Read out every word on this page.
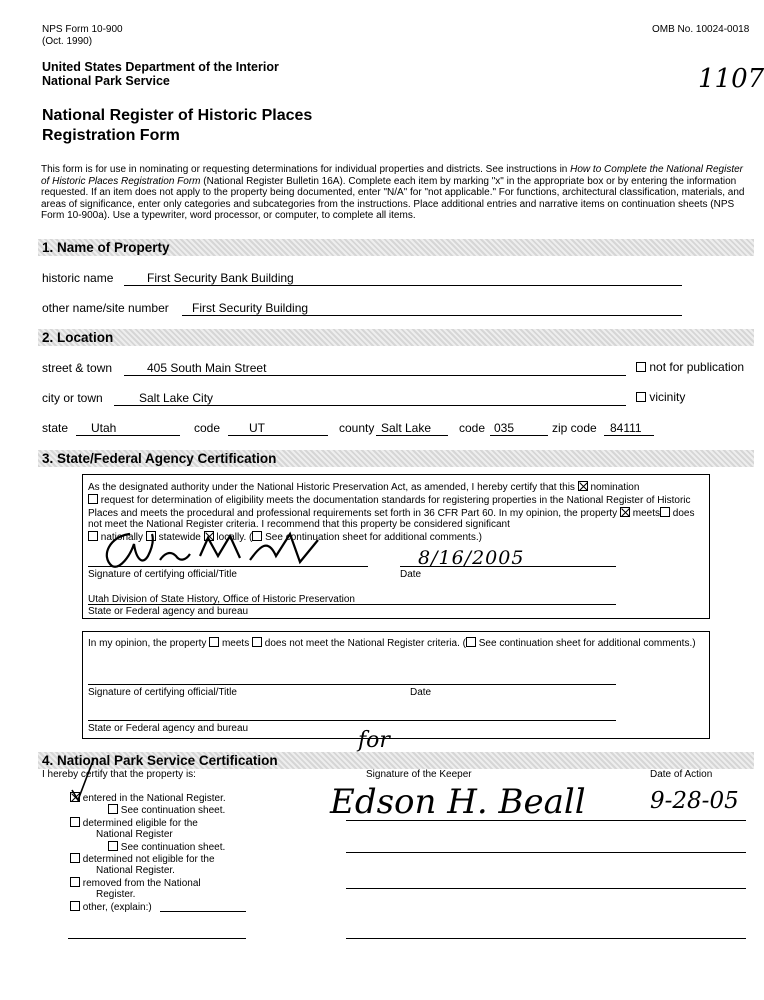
NPS Form 10-900
(Oct. 1990)
OMB No. 10024-0018
United States Department of the Interior
National Park Service	1107
National Register of Historic Places
Registration Form
This form is for use in nominating or requesting determinations for individual properties and districts. See instructions in How to Complete the National Register of Historic Places Registration Form (National Register Bulletin 16A). Complete each item by marking "x" in the appropriate box or by entering the information requested. If an item does not apply to the property being documented, enter "N/A" for "not applicable." For functions, architectural classification, materials, and areas of significance, enter only categories and subcategories from the instructions. Place additional entries and narrative items on continuation sheets (NPS Form 10-900a). Use a typewriter, word processor, or computer, to complete all items.
1. Name of Property
historic name	First Security Bank Building
other name/site number First Security Building
2. Location
street & town	405 South Main Street	not for publication
city or town	Salt Lake City	vicinity
state Utah	code UT	county Salt Lake code 035	zip code 84111
3. State/Federal Agency Certification
As the designated authority under the National Historic Preservation Act, as amended, I hereby certify that this nomination
request for determination of eligibility meets the documentation standards for registering properties in the National Register of Historic Places and meets the procedural and professional requirements set forth in 36 CFR Part 60. In my opinion, the property meets does not meet the National Register criteria. I recommend that this property be considered significant
nationally statewide locally. ( See continuation sheet for additional comments.)
Signature of certifying official/Title	Date
8/16/2005
Utah Division of State History, Office of Historic Preservation
State or Federal agency and bureau
In my opinion, the property meets does not meet the National Register criteria. ( See continuation sheet for additional comments.)
Signature of certifying official/Title	Date
State or Federal agency and bureau
4. National Park Service Certification
I hereby certify that the property is:	Signature of the Keeper	Date of Action
for
Edson H. Beall	9-28-05
entered in the National Register.
See continuation sheet.
determined eligible for the
National Register
See continuation sheet.
determined not eligible for the
National Register.
removed from the National
Register.
other, (explain:)
